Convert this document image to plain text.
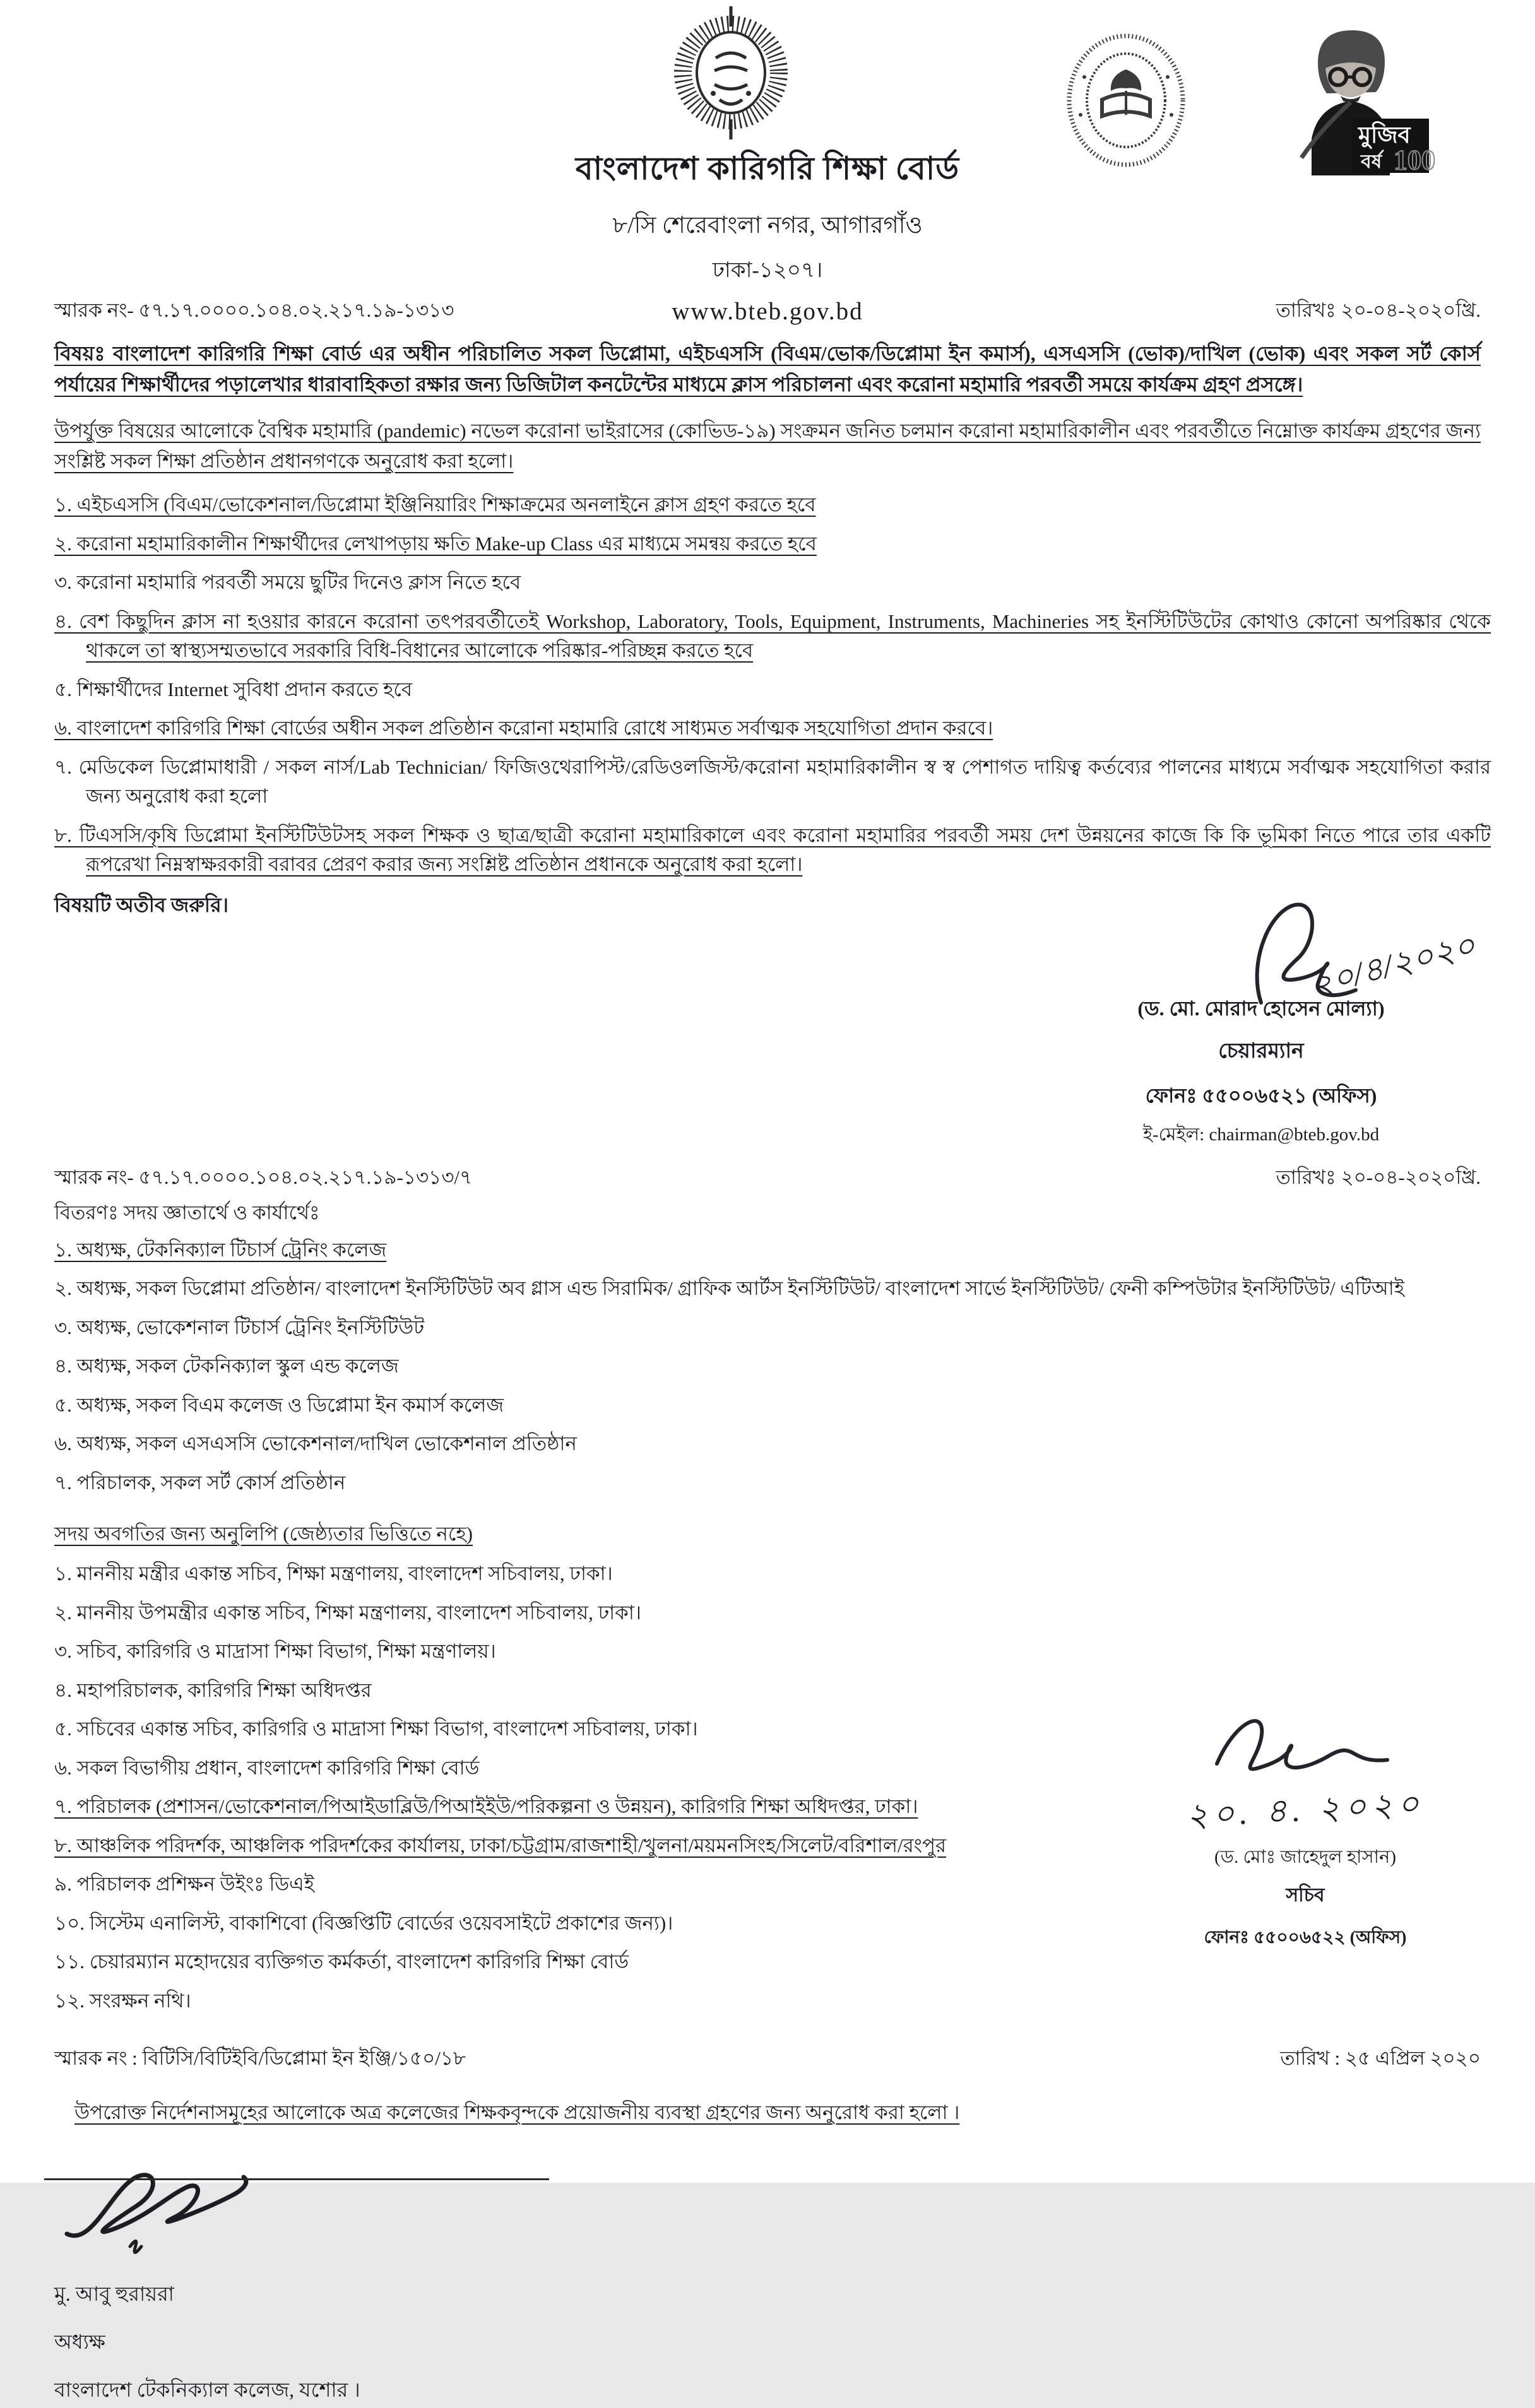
মুজিব
বর্ষ 100
বাংলাদেশ কারিগরি শিক্ষা বোর্ড
৮/সি শেরেবাংলা নগর, আগারগাঁও
ঢাকা-১২০৭।
www.bteb.gov.bd
স্মারক নং- ৫৭.১৭.০০০০.১০৪.০২.২১৭.১৯-১৩১৩	তারিখঃ ২০-০৪-২০২০খ্রি.
বিষয়ঃ বাংলাদেশ কারিগরি শিক্ষা বোর্ড এর অধীন পরিচালিত সকল ডিপ্লোমা, এইচএসসি (বিএম/ভোক/ডিপ্লোমা ইন কমার্স), এসএসসি (ভোক)/দাখিল (ভোক) এবং সকল সর্ট কোর্স পর্যায়ের শিক্ষার্থীদের পড়ালেখার ধারাবাহিকতা রক্ষার জন্য ডিজিটাল কনটেন্টের মাধ্যমে ক্লাস পরিচালনা এবং করোনা মহামারি পরবর্তী সময়ে কার্যক্রম গ্রহণ প্রসঙ্গে।
উপর্যুক্ত বিষয়ের আলোকে বৈশ্বিক মহামারি (pandemic) নভেল করোনা ভাইরাসের (কোভিড-১৯) সংক্রমন জনিত চলমান করোনা মহামারিকালীন এবং পরবর্তীতে নিম্নোক্ত কার্যক্রম গ্রহণের জন্য সংশ্লিষ্ট সকল শিক্ষা প্রতিষ্ঠান প্রধানগণকে অনুরোধ করা হলো।
১. এইচএসসি (বিএম/ভোকেশনাল/ডিপ্লোমা ইঞ্জিনিয়ারিং শিক্ষাক্রমের অনলাইনে ক্লাস গ্রহণ করতে হবে
২. করোনা মহামারিকালীন শিক্ষার্থীদের লেখাপড়ায় ক্ষতি Make-up Class এর মাধ্যমে সমন্বয় করতে হবে
৩. করোনা মহামারি পরবর্তী সময়ে ছুটির দিনেও ক্লাস নিতে হবে
৪. বেশ কিছুদিন ক্লাস না হওয়ার কারনে করোনা তৎপরবর্তীতেই Workshop, Laboratory, Tools, Equipment, Instruments, Machineries সহ ইনস্টিটিউটের কোথাও কোনো অপরিষ্কার থেকে থাকলে তা স্বাস্থ্যসম্মতভাবে সরকারি বিধি-বিধানের আলোকে পরিষ্কার-পরিচ্ছন্ন করতে হবে
৫. শিক্ষার্থীদের Internet সুবিধা প্রদান করতে হবে
৬. বাংলাদেশ কারিগরি শিক্ষা বোর্ডের অধীন সকল প্রতিষ্ঠান করোনা মহামারি রোধে সাধ্যমত সর্বাত্মক সহযোগিতা প্রদান করবে।
৭. মেডিকেল ডিপ্লোমাধারী / সকল নার্স/Lab Technician/ ফিজিওথেরাপিস্ট/রেডিওলজিস্ট/করোনা মহামারিকালীন স্ব স্ব পেশাগত দায়িত্ব কর্তব্যের পালনের মাধ্যমে সর্বাত্মক সহযোগিতা করার জন্য অনুরোধ করা হলো
৮. টিএসসি/কৃষি ডিপ্লোমা ইনস্টিটিউটসহ সকল শিক্ষক ও ছাত্র/ছাত্রী করোনা মহামারিকালে এবং করোনা মহামারির পরবর্তী সময় দেশ উন্নয়নের কাজে কি কি ভূমিকা নিতে পারে তার একটি রূপরেখা নিম্নস্বাক্ষরকারী বরাবর প্রেরণ করার জন্য সংশ্লিষ্ট প্রতিষ্ঠান প্রধানকে অনুরোধ করা হলো।
বিষয়টি অতীব জরুরি।
২০/৪/২০২০
(ড. মো. মোরাদ হোসেন মোল্যা)
চেয়ারম্যান
ফোনঃ ৫৫০০৬৫২১ (অফিস)
ই-মেইল: chairman@bteb.gov.bd
স্মারক নং- ৫৭.১৭.০০০০.১০৪.০২.২১৭.১৯-১৩১৩/৭	তারিখঃ ২০-০৪-২০২০খ্রি.
বিতরণঃ সদয় জ্ঞাতার্থে ও কার্যার্থেঃ
১. অধ্যক্ষ, টেকনিক্যাল টিচার্স ট্রেনিং কলেজ
২. অধ্যক্ষ, সকল ডিপ্লোমা প্রতিষ্ঠান/ বাংলাদেশ ইনস্টিটিউট অব গ্লাস এন্ড সিরামিক/ গ্রাফিক আর্টস ইনস্টিটিউট/ বাংলাদেশ সার্ভে ইনস্টিটিউট/ ফেনী কম্পিউটার ইনস্টিটিউট/ এটিআই
৩. অধ্যক্ষ, ভোকেশনাল টিচার্স ট্রেনিং ইনস্টিটিউট
৪. অধ্যক্ষ, সকল টেকনিক্যাল স্কুল এন্ড কলেজ
৫. অধ্যক্ষ, সকল বিএম কলেজ ও ডিপ্লোমা ইন কমার্স কলেজ
৬. অধ্যক্ষ, সকল এসএসসি ভোকেশনাল/দাখিল ভোকেশনাল প্রতিষ্ঠান
৭. পরিচালক, সকল সর্ট কোর্স প্রতিষ্ঠান
সদয় অবগতির জন্য অনুলিপি (জেষ্ঠ্যতার ভিত্তিতে নহে)
১. মাননীয় মন্ত্রীর একান্ত সচিব, শিক্ষা মন্ত্রণালয়, বাংলাদেশ সচিবালয়, ঢাকা।
২. মাননীয় উপমন্ত্রীর একান্ত সচিব, শিক্ষা মন্ত্রণালয়, বাংলাদেশ সচিবালয়, ঢাকা।
৩. সচিব, কারিগরি ও মাদ্রাসা শিক্ষা বিভাগ, শিক্ষা মন্ত্রণালয়।
৪. মহাপরিচালক, কারিগরি শিক্ষা অধিদপ্তর
৫. সচিবের একান্ত সচিব, কারিগরি ও মাদ্রাসা শিক্ষা বিভাগ, বাংলাদেশ সচিবালয়, ঢাকা।
৬. সকল বিভাগীয় প্রধান, বাংলাদেশ কারিগরি শিক্ষা বোর্ড
৭. পরিচালক (প্রশাসন/ভোকেশনাল/পিআইডাব্লিউ/পিআইইউ/পরিকল্পনা ও উন্নয়ন), কারিগরি শিক্ষা অধিদপ্তর, ঢাকা।
৮. আঞ্চলিক পরিদর্শক, আঞ্চলিক পরিদর্শকের কার্যালয়, ঢাকা/চট্টগ্রাম/রাজশাহী/খুলনা/ময়মনসিংহ/সিলেট/বরিশাল/রংপুর
৯. পরিচালক প্রশিক্ষন উইংঃ ডিএই
১০. সিস্টেম এনালিস্ট, বাকাশিবো (বিজ্ঞপ্তিটি বোর্ডের ওয়েবসাইটে প্রকাশের জন্য)।
১১. চেয়ারম্যান মহোদয়ের ব্যক্তিগত কর্মকর্তা, বাংলাদেশ কারিগরি শিক্ষা বোর্ড
১২. সংরক্ষন নথি।
২০. ৪. ২০২০
(ড. মোঃ জাহেদুল হাসান)
সচিব
ফোনঃ ৫৫০০৬৫২২ (অফিস)
স্মারক নং : বিটিসি/বিটিইবি/ডিপ্লোমা ইন ইঞ্জি/১৫০/১৮	তারিখ : ২৫ এপ্রিল ২০২০
উপরোক্ত নির্দেশনাসমূহের আলোকে অত্র কলেজের শিক্ষকবৃন্দকে প্রয়োজনীয় ব্যবস্থা গ্রহণের জন্য অনুরোধ করা হলো ।
মু. আবু হুরায়রা
অধ্যক্ষ
বাংলাদেশ টেকনিক্যাল কলেজ, যশোর ।
